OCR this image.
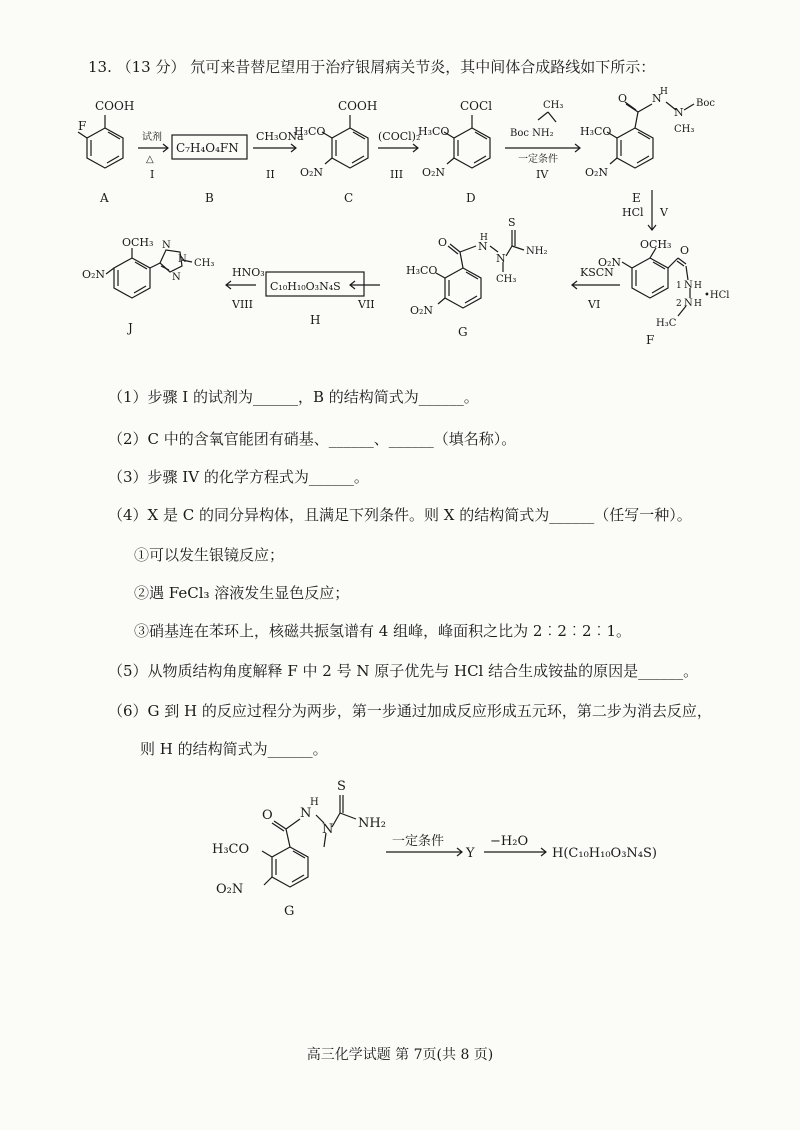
13. （13 分） 氘可来昔替尼望用于治疗银屑病关节炎，其中间体合成路线如下所示：
F
COOH
A
试剂
△
I
C₇H₄O₄FN
B
CH₃ONa
II
COOH
H₃CO
O₂N
C
(COCl)₂
III
COCl
H₃CO
O₂N
D
CH₃
Boc NH₂
一定条件
IV
O N
H
N
Boc
CH₃
H₃CO
O₂N
E
HCl V
OCH₃ O
O₂N
1 N H
2 N H
•HCl
H₃C
F
KSCN
VI
S
O	N
H
N
NH₂
CH₃
H₃CO
O₂N
G
VII
C₁₀H₁₀O₃N₄S
H
HNO₃
VIII
OCH₃
O₂N
N
N
N CH₃
J
（1）步骤 I 的试剂为______，B 的结构简式为______。
（2）C 中的含氧官能团有硝基、______、______（填名称）。
（3）步骤 IV 的化学方程式为______。
（4）X 是 C 的同分异构体，且满足下列条件。则 X 的结构简式为______（任写一种）。
①可以发生银镜反应；
②遇 FeCl₃ 溶液发生显色反应；
③硝基连在苯环上，核磁共振氢谱有 4 组峰，峰面积之比为 2︰2︰2︰1。
（5）从物质结构角度解释 F 中 2 号 N 原子优先与 HCl 结合生成铵盐的原因是______。
（6）G 到 H 的反应过程分为两步，第一步通过加成反应形成五元环，第二步为消去反应，
则 H 的结构简式为______。
S
O N
H
N NH₂
H₃CO
O₂N
G
一定条件
Y
−H₂O
H(C₁₀H₁₀O₃N₄S)
高三化学试题 第 7页(共 8 页)
